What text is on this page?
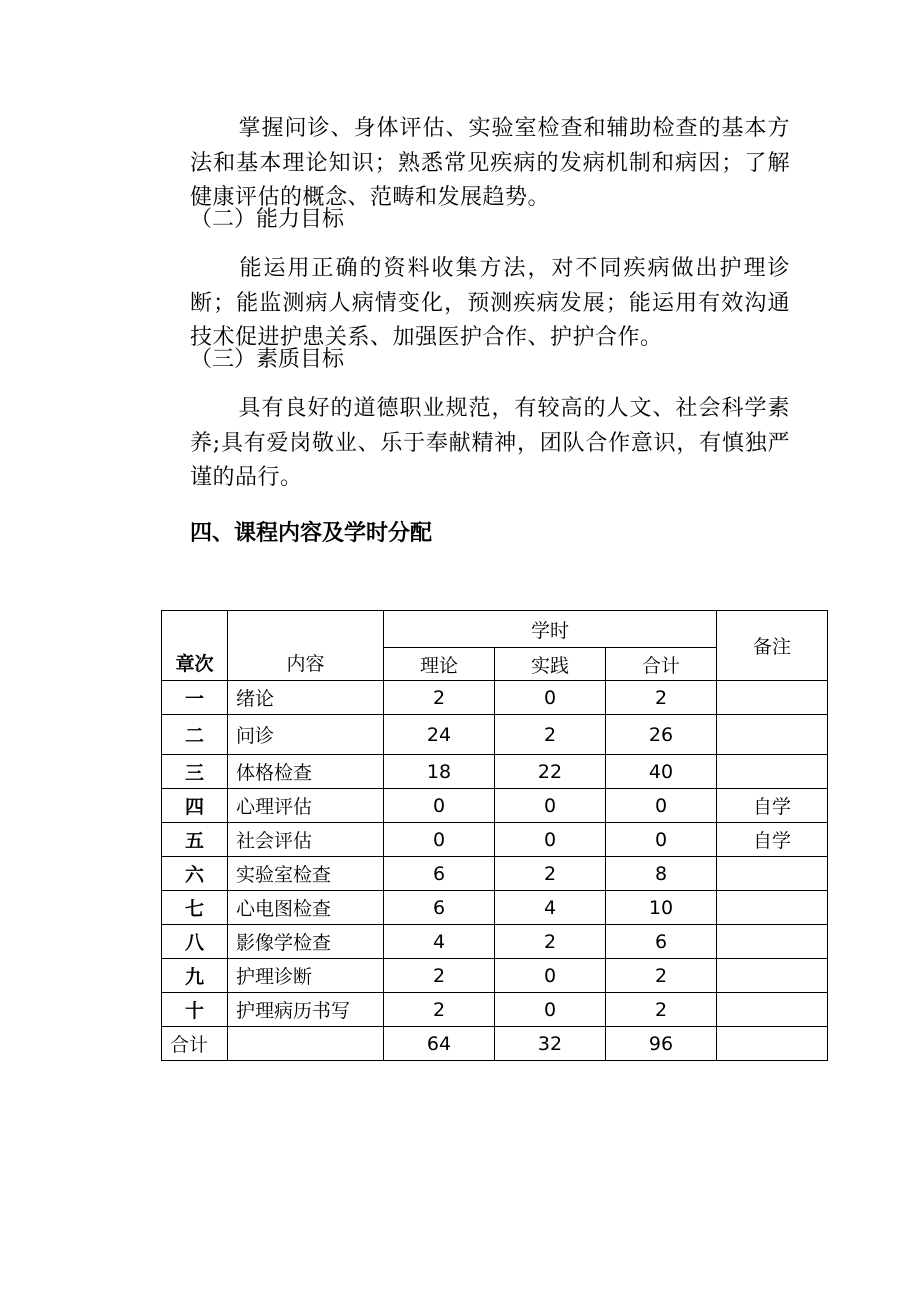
掌握问诊、身体评估、实验室检查和辅助检查的基本方法和基本理论知识；熟悉常见疾病的发病机制和病因；了解健康评估的概念、范畴和发展趋势。

（二）能力目标

能运用正确的资料收集方法，对不同疾病做出护理诊断；能监测病人病情变化，预测疾病发展；能运用有效沟通技术促进护患关系、加强医护合作、护护合作。

（三）素质目标

具有良好的道德职业规范，有较高的人文、社会科学素养;具有爱岗敬业、乐于奉献精神，团队合作意识，有慎独严谨的品行。

四、课程内容及学时分配
章次	内容	学时			备注
		理论	实践	合计	
一	绪论	2	0	2	
二	问诊	24	2	26	
三	体格检查	18	22	40	
四	心理评估	0	0	0	自学
五	社会评估	0	0	0	自学
六	实验室检查	6	2	8	
七	心电图检查	6	4	10	
八	影像学检查	4	2	6	
九	护理诊断	2	0	2	
十	护理病历书写	2	0	2	
合计		64	32	96	
